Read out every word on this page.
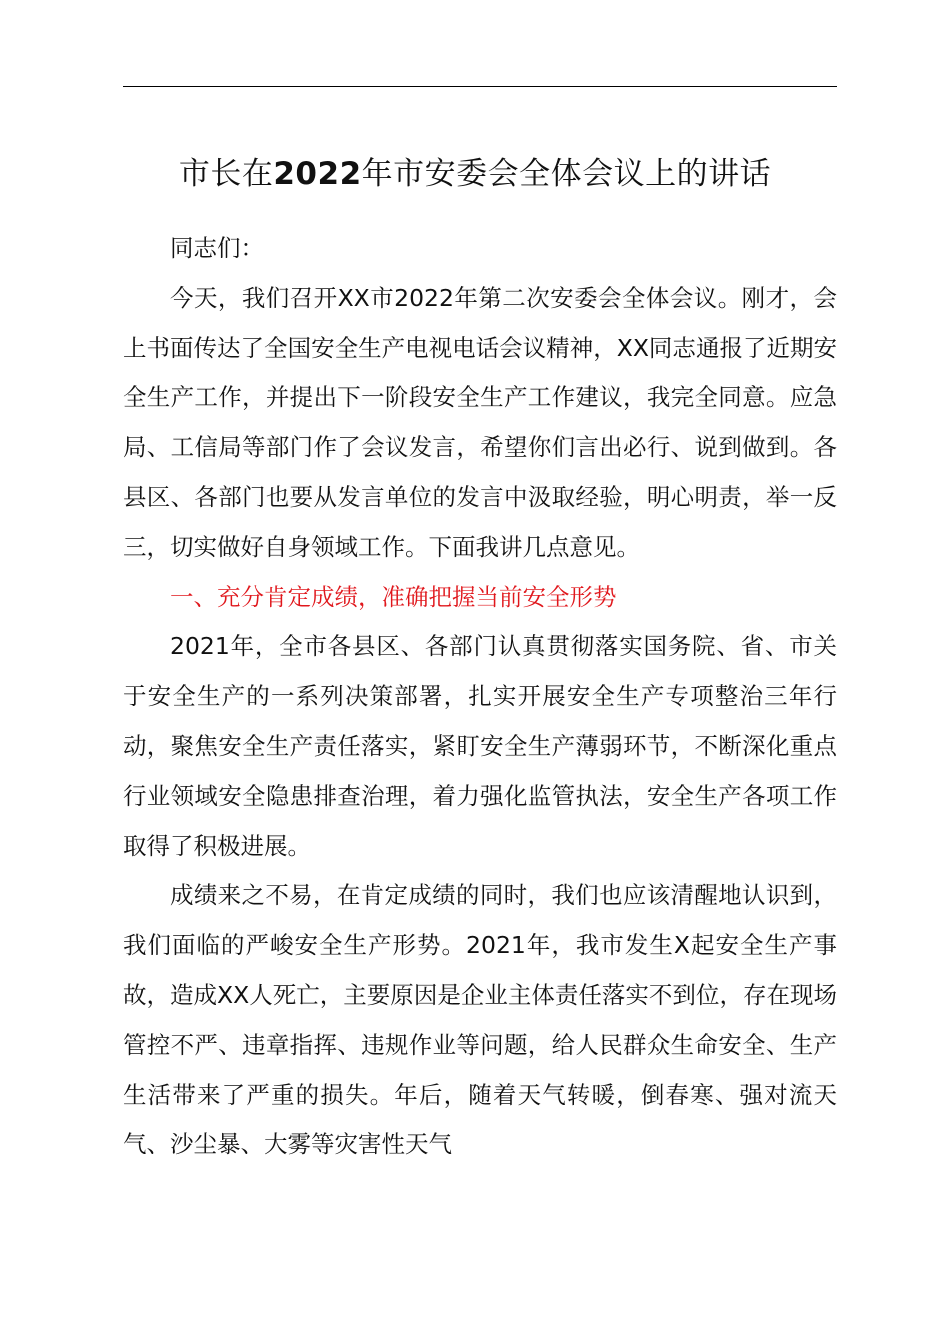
市长在2022年市安委会全体会议上的讲话

同志们：

今天，我们召开XX市2022年第二次安委会全体会议。刚才，会上书面传达了全国安全生产电视电话会议精神，XX同志通报了近期安全生产工作，并提出下一阶段安全生产工作建议，我完全同意。应急局、工信局等部门作了会议发言，希望你们言出必行、说到做到。各县区、各部门也要从发言单位的发言中汲取经验，明心明责，举一反三，切实做好自身领域工作。下面我讲几点意见。

一、充分肯定成绩，准确把握当前安全形势

2021年，全市各县区、各部门认真贯彻落实国务院、省、市关于安全生产的一系列决策部署，扎实开展安全生产专项整治三年行动，聚焦安全生产责任落实，紧盯安全生产薄弱环节，不断深化重点行业领域安全隐患排查治理，着力强化监管执法，安全生产各项工作取得了积极进展。

成绩来之不易，在肯定成绩的同时，我们也应该清醒地认识到，我们面临的严峻安全生产形势。2021年，我市发生X起安全生产事故，造成XX人死亡，主要原因是企业主体责任落实不到位，存在现场管控不严、违章指挥、违规作业等问题，给人民群众生命安全、生产生活带来了严重的损失。年后，随着天气转暖，倒春寒、强对流天气、沙尘暴、大雾等灾害性天气
